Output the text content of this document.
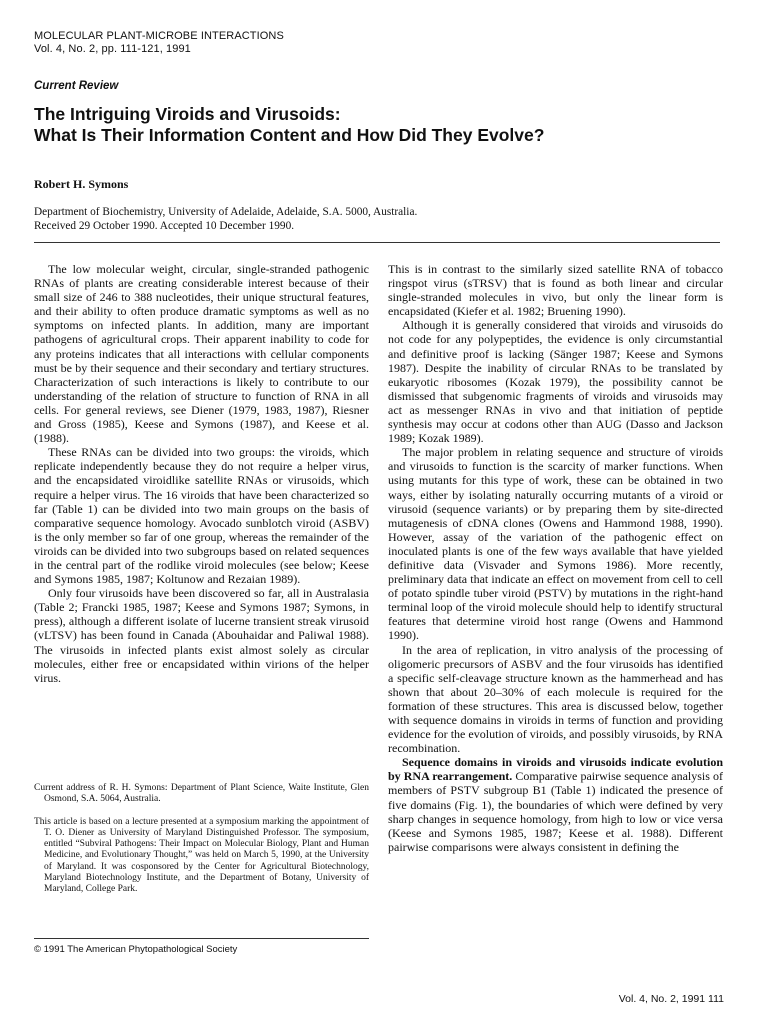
MOLECULAR PLANT-MICROBE INTERACTIONS
Vol. 4, No. 2, pp. 111-121, 1991
Current Review
The Intriguing Viroids and Virusoids:
What Is Their Information Content and How Did They Evolve?
Robert H. Symons
Department of Biochemistry, University of Adelaide, Adelaide, S.A. 5000, Australia.
Received 29 October 1990. Accepted 10 December 1990.

The low molecular weight, circular, single-stranded pathogenic RNAs of plants are creating considerable interest because of their small size of 246 to 388 nucleotides, their unique structural features, and their ability to often produce dramatic symptoms as well as no symptoms on infected plants. In addition, many are important pathogens of agricultural crops. Their apparent inability to code for any proteins indicates that all interactions with cellular components must be by their sequence and their secondary and tertiary structures. Characterization of such interactions is likely to contribute to our understanding of the relation of structure to function of RNA in all cells. For general reviews, see Diener (1979, 1983, 1987), Riesner and Gross (1985), Keese and Symons (1987), and Keese et al. (1988).

These RNAs can be divided into two groups: the viroids, which replicate independently because they do not require a helper virus, and the encapsidated viroidlike satellite RNAs or virusoids, which require a helper virus. The 16 viroids that have been characterized so far (Table 1) can be divided into two main groups on the basis of comparative sequence homology. Avocado sunblotch viroid (ASBV) is the only member so far of one group, whereas the remainder of the viroids can be divided into two subgroups based on related sequences in the central part of the rodlike viroid molecules (see below; Keese and Symons 1985, 1987; Koltunow and Rezaian 1989).

Only four virusoids have been discovered so far, all in Australasia (Table 2; Francki 1985, 1987; Keese and Symons 1987; Symons, in press), although a different isolate of lucerne transient streak virusoid (vLTSV) has been found in Canada (Abouhaidar and Paliwal 1988). The virusoids in infected plants exist almost solely as circular molecules, either free or encapsidated within virions of the helper virus.

This is in contrast to the similarly sized satellite RNA of tobacco ringspot virus (sTRSV) that is found as both linear and circular single-stranded molecules in vivo, but only the linear form is encapsidated (Kiefer et al. 1982; Bruening 1990).

Although it is generally considered that viroids and virusoids do not code for any polypeptides, the evidence is only circumstantial and definitive proof is lacking (Sänger 1987; Keese and Symons 1987). Despite the inability of circular RNAs to be translated by eukaryotic ribosomes (Kozak 1979), the possibility cannot be dismissed that subgenomic fragments of viroids and virusoids may act as messenger RNAs in vivo and that initiation of peptide synthesis may occur at codons other than AUG (Dasso and Jackson 1989; Kozak 1989).

The major problem in relating sequence and structure of viroids and virusoids to function is the scarcity of marker functions. When using mutants for this type of work, these can be obtained in two ways, either by isolating naturally occurring mutants of a viroid or virusoid (sequence variants) or by preparing them by site-directed mutagenesis of cDNA clones (Owens and Hammond 1988, 1990). However, assay of the variation of the pathogenic effect on inoculated plants is one of the few ways available that have yielded definitive data (Visvader and Symons 1986). More recently, preliminary data that indicate an effect on movement from cell to cell of potato spindle tuber viroid (PSTV) by mutations in the right-hand terminal loop of the viroid molecule should help to identify structural features that determine viroid host range (Owens and Hammond 1990).

In the area of replication, in vitro analysis of the processing of oligomeric precursors of ASBV and the four virusoids has identified a specific self-cleavage structure known as the hammerhead and has shown that about 20–30% of each molecule is required for the formation of these structures. This area is discussed below, together with sequence domains in viroids in terms of function and providing evidence for the evolution of viroids, and possibly virusoids, by RNA recombination.

Sequence domains in viroids and virusoids indicate evolution by RNA rearrangement. Comparative pairwise sequence analysis of members of PSTV subgroup B1 (Table 1) indicated the presence of five domains (Fig. 1), the boundaries of which were defined by very sharp changes in sequence homology, from high to low or vice versa (Keese and Symons 1985, 1987; Keese et al. 1988). Different pairwise comparisons were always consistent in defining the

Current address of R. H. Symons: Department of Plant Science, Waite Institute, Glen Osmond, S.A. 5064, Australia.

This article is based on a lecture presented at a symposium marking the appointment of T. O. Diener as University of Maryland Distinguished Professor. The symposium, entitled “Subviral Pathogens: Their Impact on Molecular Biology, Plant and Human Medicine, and Evolutionary Thought,” was held on March 5, 1990, at the University of Maryland. It was cosponsored by the Center for Agricultural Biotechnology, Maryland Biotechnology Institute, and the Department of Botany, University of Maryland, College Park.

© 1991 The American Phytopathological Society
Vol. 4, No. 2, 1991 111
